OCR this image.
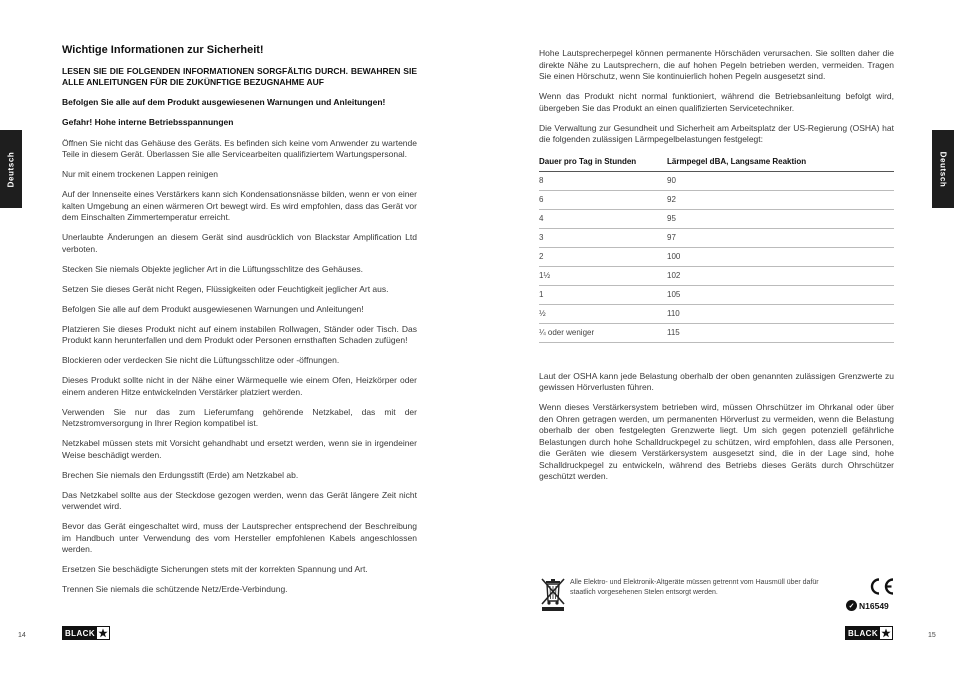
Deutsch	Deutsch
Wichtige Informationen zur Sicherheit!
LESEN SIE DIE FOLGENDEN INFORMATIONEN SORGFÄLTIG DURCH. BEWAHREN SIE ALLE ANLEITUNGEN FÜR DIE ZUKÜNFTIGE BEZUGNAHME AUF
Befolgen Sie alle auf dem Produkt ausgewiesenen Warnungen und Anleitungen!
Gefahr! Hohe interne Betriebsspannungen

Öffnen Sie nicht das Gehäuse des Geräts. Es befinden sich keine vom Anwender zu wartende Teile in diesem Gerät. Überlassen Sie alle Servicearbeiten qualifiziertem Wartungspersonal.

Nur mit einem trockenen Lappen reinigen

Auf der Innenseite eines Verstärkers kann sich Kondensationsnässe bilden, wenn er von einer kalten Umgebung an einen wärmeren Ort bewegt wird. Es wird empfohlen, dass das Gerät vor dem Einschalten Zimmertemperatur erreicht.

Unerlaubte Änderungen an diesem Gerät sind ausdrücklich von Blackstar Amplification Ltd verboten.

Stecken Sie niemals Objekte jeglicher Art in die Lüftungsschlitze des Gehäuses.

Setzen Sie dieses Gerät nicht Regen, Flüssigkeiten oder Feuchtigkeit jeglicher Art aus.

Befolgen Sie alle auf dem Produkt ausgewiesenen Warnungen und Anleitungen!

Platzieren Sie dieses Produkt nicht auf einem instabilen Rollwagen, Ständer oder Tisch. Das Produkt kann herunterfallen und dem Produkt oder Personen ernsthaften Schaden zufügen!

Blockieren oder verdecken Sie nicht die Lüftungsschlitze oder -öffnungen.

Dieses Produkt sollte nicht in der Nähe einer Wärmequelle wie einem Ofen, Heizkörper oder einem anderen Hitze entwickelnden Verstärker platziert werden.

Verwenden Sie nur das zum Lieferumfang gehörende Netzkabel, das mit der Netzstromversorgung in Ihrer Region kompatibel ist.

Netzkabel müssen stets mit Vorsicht gehandhabt und ersetzt werden, wenn sie in irgendeiner Weise beschädigt werden.

Brechen Sie niemals den Erdungsstift (Erde) am Netzkabel ab.

Das Netzkabel sollte aus der Steckdose gezogen werden, wenn das Gerät längere Zeit nicht verwendet wird.

Bevor das Gerät eingeschaltet wird, muss der Lautsprecher entsprechend der Beschreibung im Handbuch unter Verwendung des vom Hersteller empfohlenen Kabels angeschlossen werden.

Ersetzen Sie beschädigte Sicherungen stets mit der korrekten Spannung und Art.

Trennen Sie niemals die schützende Netz/Erde-Verbindung.

Hohe Lautsprecherpegel können permanente Hörschäden verursachen. Sie sollten daher die direkte Nähe zu Lautsprechern, die auf hohen Pegeln betrieben werden, vermeiden. Tragen Sie einen Hörschutz, wenn Sie kontinuierlich hohen Pegeln ausgesetzt sind.

Wenn das Produkt nicht normal funktioniert, während die Betriebsanleitung befolgt wird, übergeben Sie das Produkt an einen qualifizierten Servicetechniker.

Die Verwaltung zur Gesundheit und Sicherheit am Arbeitsplatz der US-Regierung (OSHA) hat die folgenden zulässigen Lärmpegelbelastungen festgelegt:

Dauer pro Tag in Stunden	Lärmpegel dBA, Langsame Reaktion
8	90
6	92
4	95
3	97
2	100
1½	102
1	105
½	110
¼ oder weniger	115

Laut der OSHA kann jede Belastung oberhalb der oben genannten zulässigen Grenzwerte zu gewissen Hörverlusten führen.

Wenn dieses Verstärkersystem betrieben wird, müssen Ohrschützer im Ohrkanal oder über den Ohren getragen werden, um permanenten Hörverlust zu vermeiden, wenn die Belastung oberhalb der oben festgelegten Grenzwerte liegt. Um sich gegen potenziell gefährliche Belastungen durch hohe Schalldruckpegel zu schützen, wird empfohlen, dass alle Personen, die Geräten wie diesem Verstärkersystem ausgesetzt sind, die in der Lage sind, hohe Schalldruckpegel zu entwickeln, während des Betriebs dieses Geräts durch Ohrschützer geschützt werden.

Alle Elektro- und Elektronik-Altgeräte müssen getrennt vom Hausmüll über dafür staatlich vorgesehenen Stelen entsorgt werden.
✓ N16549
14	15
BLACK	BLACK
